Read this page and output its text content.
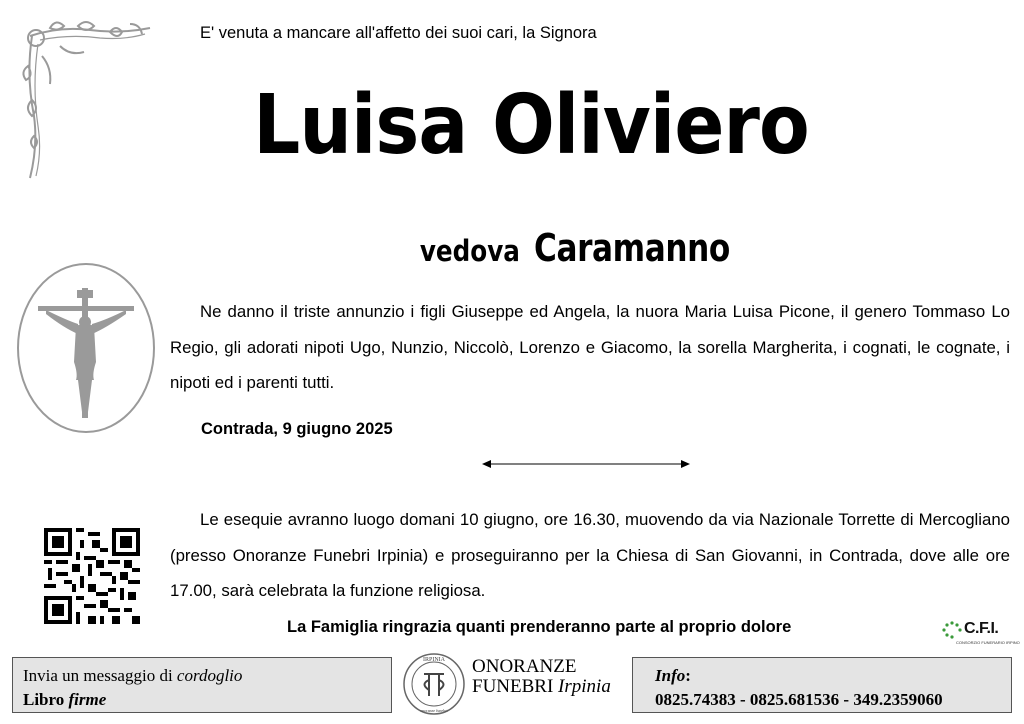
E' venuta a mancare all'affetto dei suoi cari, la Signora
Luisa Oliviero
vedova Caramanno
Ne danno il triste annunzio i figli Giuseppe ed Angela, la nuora Maria Luisa Picone, il genero Tommaso Lo Regio, gli adorati nipoti Ugo, Nunzio, Niccolò, Lorenzo e Giacomo, la sorella Margherita, i cognati, le cognate, i nipoti ed i parenti tutti.
Contrada, 9 giugno 2025
Le esequie avranno luogo domani 10 giugno, ore 16.30, muovendo da via Nazionale Torrette di Mercogliano (presso Onoranze Funebri Irpinia) e proseguiranno per la Chiesa di San Giovanni, in Contrada, dove alle ore 17.00, sarà celebrata la funzione religiosa.
La Famiglia ringrazia quanti prenderanno parte al proprio dolore	C.F.I.
CONSORZIO FUNERARIO IRPINO
Invia un messaggio di cordoglio
Libro firme
IRPINIA
onoranze funebri
ONORANZE
FUNEBRI Irpinia
Info:
0825.74383 - 0825.681536 - 349.2359060
